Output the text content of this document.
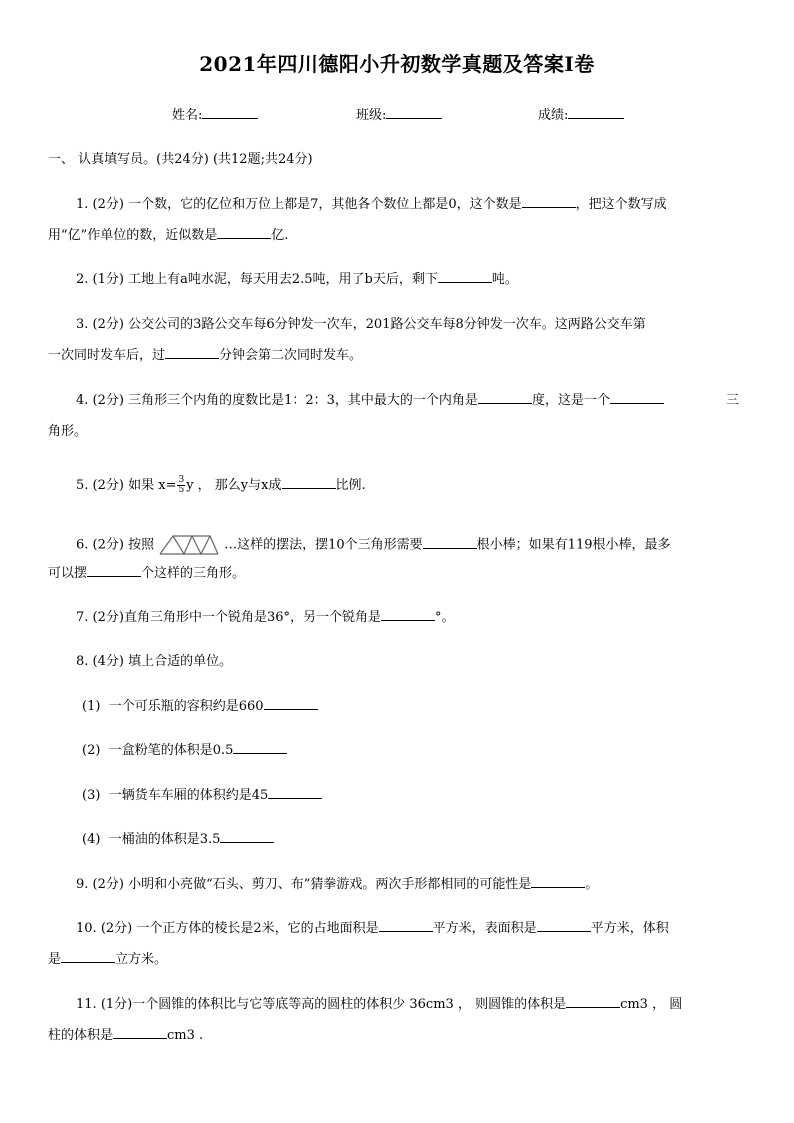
2021年四川德阳小升初数学真题及答案Ⅰ卷
姓名:	班级:	成绩:
一、 认真填写员。(共24分) (共12题;共24分)
1. (2分) 一个数，它的亿位和万位上都是7，其他各个数位上都是0，这个数是	，把这个数写成
用“亿”作单位的数，近似数是	亿.
2. (1分) 工地上有a吨水泥，每天用去2.5吨，用了b天后，剩下	吨。
3. (2分) 公交公司的3路公交车每6分钟发一次车，201路公交车每8分钟发一次车。这两路公交车第
一次同时发车后，过	分钟会第二次同时发车。
4. (2分) 三角形三个内角的度数比是1：2：3，其中最大的一个内角是	度，这是一个	三
角形。
5. (2分) 如果 $x= \frac{3}{5}$ y ， 那么y与x成	比例.
6. (2分) 按照	…这样的摆法，摆10个三角形需要	根小棒；如果有119根小棒，最多
可以摆	个这样的三角形。
7. (2分)直角三角形中一个锐角是36°，另一个锐角是	°。
8. (4分) 填上合适的单位。
(1) 一个可乐瓶的容积约是660
(2) 一盒粉笔的体积是0.5
(3) 一辆货车车厢的体积约是45
(4) 一桶油的体积是3.5
9. (2分) 小明和小亮做“石头、剪刀、布”猜拳游戏。两次手形都相同的可能性是	。
10. (2分) 一个正方体的棱长是2米，它的占地面积是	平方米，表面积是	平方米，体积
是	立方米。
11. (1分)一个圆锥的体积比与它等底等高的圆柱的体积少 36cm3 ， 则圆锥的体积是	cm3 ， 圆
柱的体积是	cm3 .
